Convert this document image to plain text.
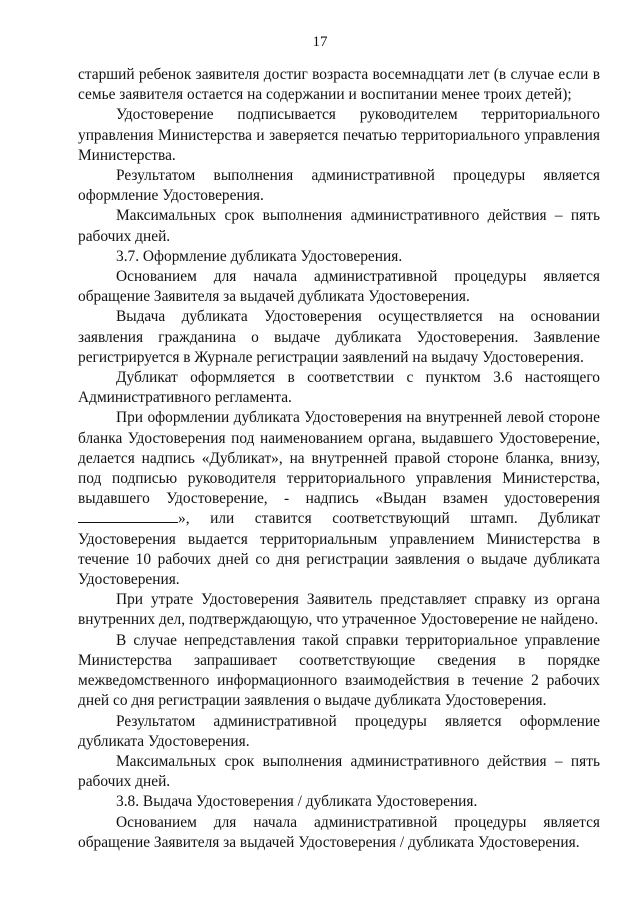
17

старший ребенок заявителя достиг возраста восемнадцати лет (в случае если в семье заявителя остается на содержании и воспитании менее троих детей);

Удостоверение подписывается руководителем территориального управления Министерства и заверяется печатью территориального управления Министерства.

Результатом выполнения административной процедуры является оформление Удостоверения.

Максимальных срок выполнения административного действия – пять рабочих дней.

3.7. Оформление дубликата Удостоверения.

Основанием для начала административной процедуры является обращение Заявителя за выдачей дубликата Удостоверения.

Выдача дубликата Удостоверения осуществляется на основании заявления гражданина о выдаче дубликата Удостоверения. Заявление регистрируется в Журнале регистрации заявлений на выдачу Удостоверения.

Дубликат оформляется в соответствии с пунктом 3.6 настоящего Административного регламента.

При оформлении дубликата Удостоверения на внутренней левой стороне бланка Удостоверения под наименованием органа, выдавшего Удостоверение, делается надпись «Дубликат», на внутренней правой стороне бланка, внизу, под подписью руководителя территориального управления Министерства, выдавшего Удостоверение, - надпись «Выдан взамен удостоверения », или ставится соответствующий штамп. Дубликат Удостоверения выдается территориальным управлением Министерства в течение 10 рабочих дней со дня регистрации заявления о выдаче дубликата Удостоверения.

При утрате Удостоверения Заявитель представляет справку из органа внутренних дел, подтверждающую, что утраченное Удостоверение не найдено.

В случае непредставления такой справки территориальное управление Министерства запрашивает соответствующие сведения в порядке межведомственного информационного взаимодействия в течение 2 рабочих дней со дня регистрации заявления о выдаче дубликата Удостоверения.

Результатом административной процедуры является оформление дубликата Удостоверения.

Максимальных срок выполнения административного действия – пять рабочих дней.

3.8. Выдача Удостоверения / дубликата Удостоверения.

Основанием для начала административной процедуры является обращение Заявителя за выдачей Удостоверения / дубликата Удостоверения.
